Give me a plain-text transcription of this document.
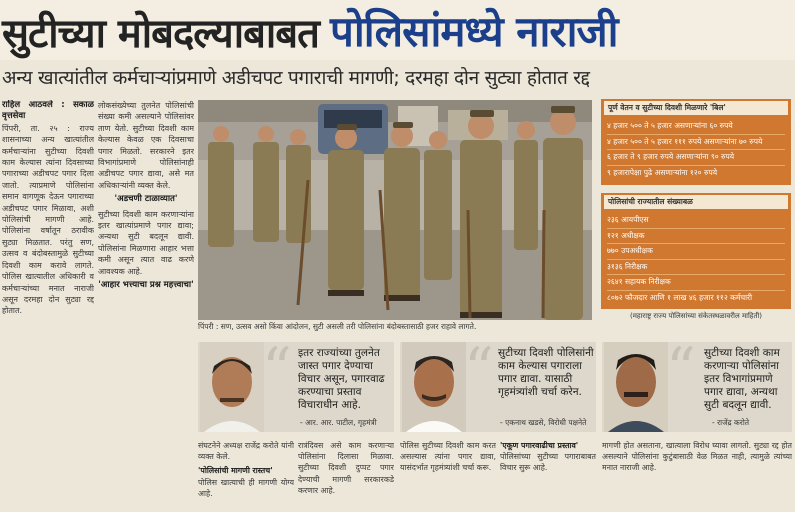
सुटीच्या मोबदल्याबाबत पोलिसांमध्ये नाराजी
अन्य खात्यांतील कर्मचाऱ्यांप्रमाणे अडीचपट पगाराची मागणी; दरमहा दोन सुट्या होतात रद्द
राहिल आठवले : सकाळ वृत्तसेवा
पिंपरी, ता. २५ : राज्य शासनाच्या अन्य खात्यांतील कर्मचाऱ्यांना सुटीच्या दिवशी काम केल्यास त्यांना दिवसाच्या पगाराच्या अडीचपट पगार दिला जातो. त्याप्रमाणे पोलिसांना समान वागणूक देऊन पगाराच्या अडीचपट पगार मिळावा, अशी पोलिसांची मागणी आहे. पोलिसांना वर्षातून ठरावीक सुट्या मिळतात. परंतु सण, उत्सव व बंदोबस्तामुळे सुटीच्या दिवशी काम करावे लागते. पोलिस खात्यातील अधिकारी व कर्मचाऱ्यांच्या मनात नाराजी असून दरमहा दोन सुट्या रद्द होतात.
लोकसंख्येच्या तुलनेत पोलिसांची संख्या कमी असल्याने पोलिसांवर ताण येतो. सुटीच्या दिवशी काम केल्यास केवळ एक दिवसाचा पगार मिळतो. सरकारने इतर विभागांप्रमाणे पोलिसांनाही अडीचपट पगार द्यावा, असे मत अधिकाऱ्यांनी व्यक्त केले.
'अडचणी टाळाव्यात'
सुटीच्या दिवशी काम करणाऱ्यांना इतर खात्यांप्रमाणे पगार द्यावा; अन्यथा सुटी बदलून द्यावी. पोलिसांना मिळणारा आहार भत्ता कमी असून त्यात वाढ करणे आवश्यक आहे.
'आहार भत्त्याचा प्रश्न महत्त्वाचा'
पिंपरी : सण, उत्सव असो किंवा आंदोलन, सुटी असली तरी पोलिसांना बंदोबस्तासाठी हजर राहावे लागते.
पूर्ण वेतन व सुटीच्या दिवशी मिळणारे 'बिल'
४ हजार ५०० ते ५ हजार असणाऱ्यांना ६० रुपये
४ हजार ५०० ते ५ हजार १११ रुपये असणाऱ्यांना ७० रुपये
६ हजार ते ९ हजार रुपये असणाऱ्यांना ९० रुपये
९ हजारापेक्षा पुढे असणाऱ्यांना १२० रुपये
पोलिसांची राज्यातील संख्याबळ
२३६ आयपीएस
१२१ अधीक्षक
७७० उपअधीक्षक
३१३६ निरीक्षक
२६४१ सहायक निरीक्षक
८०७२ फौजदार आणि १ लाख ४६ हजार ११२ कर्मचारी
(महाराष्ट्र राज्य पोलिसांच्या संकेतस्थळावरील माहिती)
“ इतर राज्यांच्या तुलनेत जास्त पगार देण्याचा विचार असून, पगारवाढ करण्याचा प्रस्ताव विचाराधीन आहे.
- आर. आर. पाटील, गृहमंत्री
“ सुटीच्या दिवशी पोलिसांनी काम केल्यास पगाराला पगार द्यावा. यासाठी गृहमंत्र्यांशी चर्चा करेन.
- एकनाथ खडसे, विरोधी पक्षनेते
“ सुटीच्या दिवशी काम करणाऱ्या पोलिसांना इतर विभागांप्रमाणे पगार द्यावा, अन्यथा सुटी बदलून द्यावी.
- राजेंद्र करोते
संघटनेने अध्यक्ष राजेंद्र करोते यांनी व्यक्त केले.
'पोलिसांची मागणी रास्तच'
पोलिस खात्याची ही मागणी योग्य आहे.
रात्रंदिवस असे काम करणाऱ्या पोलिसांना दिलासा मिळावा. सुटीच्या दिवशी दुप्पट पगार देण्याची मागणी सरकारकडे करणार आहे.
पोलिस सुटीच्या दिवशी काम करत असल्यास त्यांना पगार द्यावा, यासंदर्भात गृहमंत्र्यांशी चर्चा करू.
'एकूण पगारवाढीचा प्रस्ताव'
पोलिसांच्या सुटीच्या पगाराबाबत विचार सुरू आहे.
मागणी होत असताना, खात्याला विरोध घ्यावा लागतो. सुट्या रद्द होत असल्याने पोलिसांना कुटुंबासाठी वेळ मिळत नाही, त्यामुळे त्यांच्या मनात नाराजी आहे.
